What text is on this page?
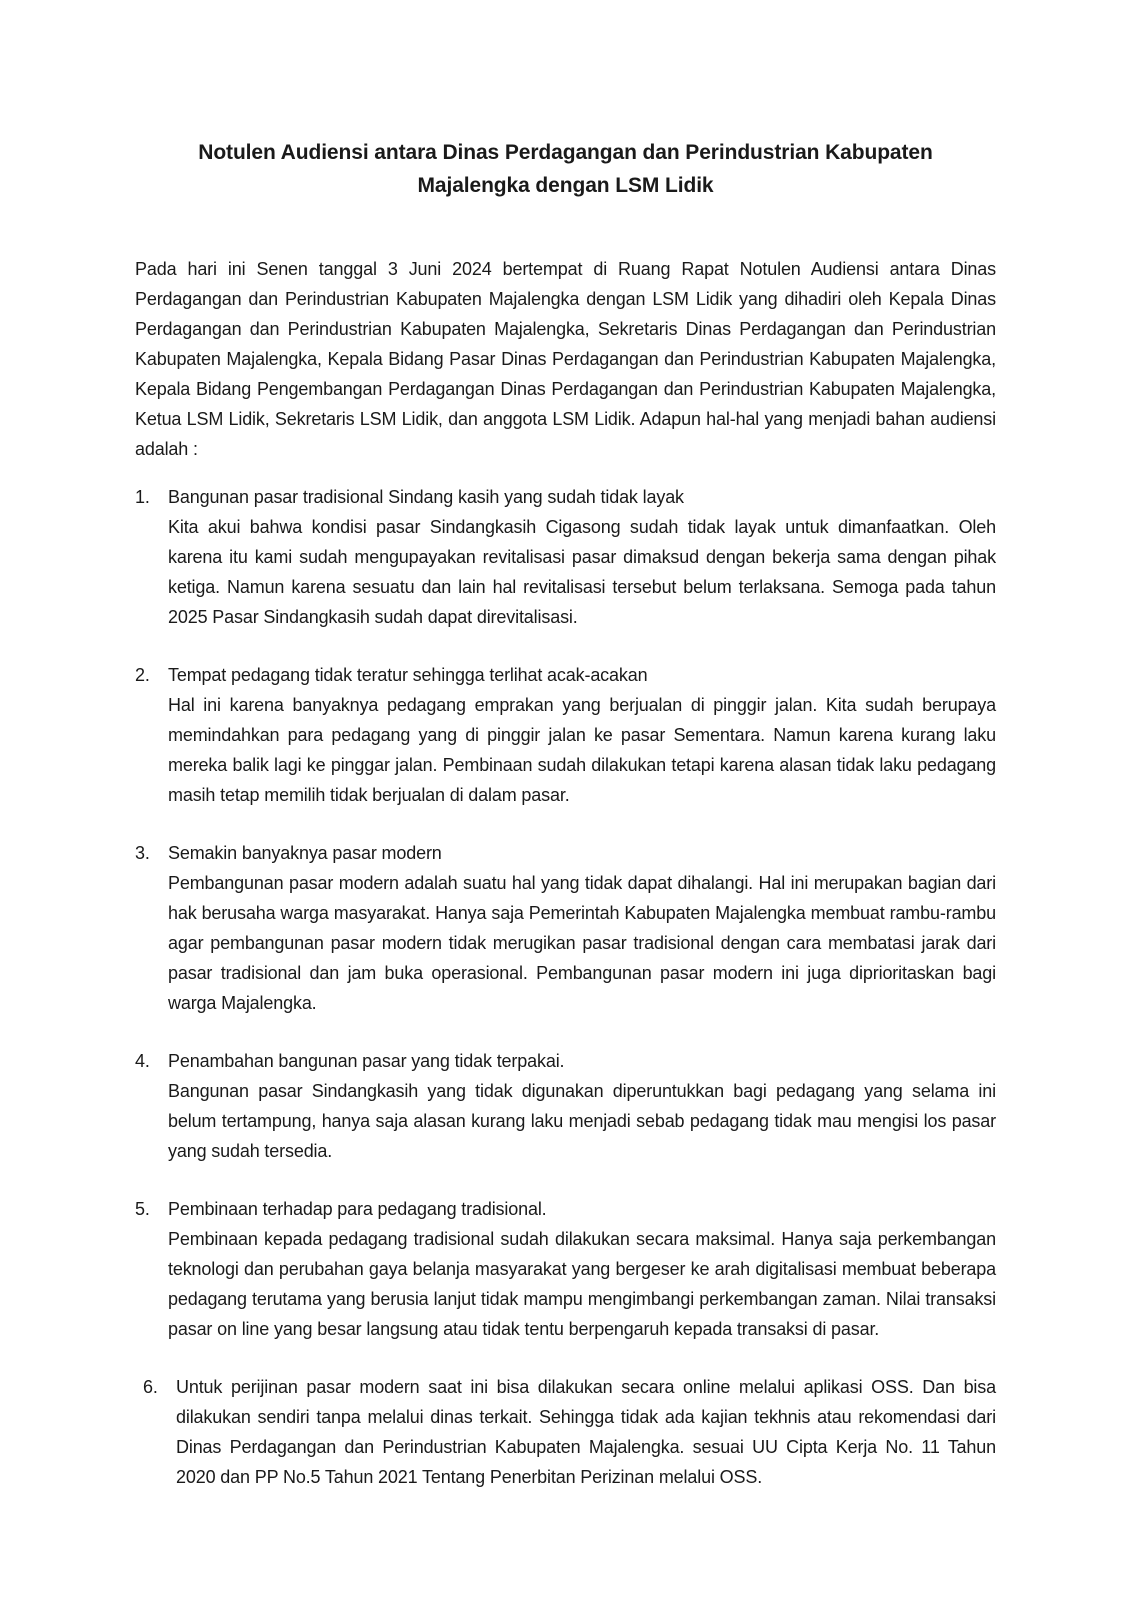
Notulen Audiensi antara Dinas Perdagangan dan Perindustrian Kabupaten Majalengka dengan LSM Lidik

Pada hari ini Senen tanggal 3 Juni 2024 bertempat di Ruang Rapat Notulen Audiensi antara Dinas Perdagangan dan Perindustrian Kabupaten Majalengka dengan LSM Lidik yang dihadiri oleh Kepala Dinas Perdagangan dan Perindustrian Kabupaten Majalengka, Sekretaris Dinas Perdagangan dan Perindustrian Kabupaten Majalengka, Kepala Bidang Pasar Dinas Perdagangan dan Perindustrian Kabupaten Majalengka, Kepala Bidang Pengembangan Perdagangan Dinas Perdagangan dan Perindustrian Kabupaten Majalengka, Ketua LSM Lidik, Sekretaris LSM Lidik, dan anggota LSM Lidik. Adapun hal-hal yang menjadi bahan audiensi adalah :

1.	Bangunan pasar tradisional Sindang kasih yang sudah tidak layak
Kita akui bahwa kondisi pasar Sindangkasih Cigasong sudah tidak layak untuk dimanfaatkan. Oleh karena itu kami sudah mengupayakan revitalisasi pasar dimaksud dengan bekerja sama dengan pihak ketiga. Namun karena sesuatu dan lain hal revitalisasi tersebut belum terlaksana. Semoga pada tahun 2025 Pasar Sindangkasih sudah dapat direvitalisasi.
2.	Tempat pedagang tidak teratur sehingga terlihat acak-acakan
Hal ini karena banyaknya pedagang emprakan yang berjualan di pinggir jalan. Kita sudah berupaya memindahkan para pedagang yang di pinggir jalan ke pasar Sementara. Namun karena kurang laku mereka balik lagi ke pinggar jalan. Pembinaan sudah dilakukan tetapi karena alasan tidak laku pedagang masih tetap memilih tidak berjualan di dalam pasar.
3.	Semakin banyaknya pasar modern
Pembangunan pasar modern adalah suatu hal yang tidak dapat dihalangi. Hal ini merupakan bagian dari hak berusaha warga masyarakat. Hanya saja Pemerintah Kabupaten Majalengka membuat rambu-rambu agar pembangunan pasar modern tidak merugikan pasar tradisional dengan cara membatasi jarak dari pasar tradisional dan jam buka operasional. Pembangunan pasar modern ini juga diprioritaskan bagi warga Majalengka.
4.	Penambahan bangunan pasar yang tidak terpakai.
Bangunan pasar Sindangkasih yang tidak digunakan diperuntukkan bagi pedagang yang selama ini belum tertampung, hanya saja alasan kurang laku menjadi sebab pedagang tidak mau mengisi los pasar yang sudah tersedia.
5.	Pembinaan terhadap para pedagang tradisional.
Pembinaan kepada pedagang tradisional sudah dilakukan secara maksimal. Hanya saja perkembangan teknologi dan perubahan gaya belanja masyarakat yang bergeser ke arah digitalisasi membuat beberapa pedagang terutama yang berusia lanjut tidak mampu mengimbangi perkembangan zaman. Nilai transaksi pasar on line yang besar langsung atau tidak tentu berpengaruh kepada transaksi di pasar.
6.	Untuk perijinan pasar modern saat ini bisa dilakukan secara online melalui aplikasi OSS. Dan bisa dilakukan sendiri tanpa melalui dinas terkait. Sehingga tidak ada kajian tekhnis atau rekomendasi dari Dinas Perdagangan dan Perindustrian Kabupaten Majalengka. sesuai UU Cipta Kerja No. 11 Tahun 2020 dan PP No.5 Tahun 2021 Tentang Penerbitan Perizinan melalui OSS.
